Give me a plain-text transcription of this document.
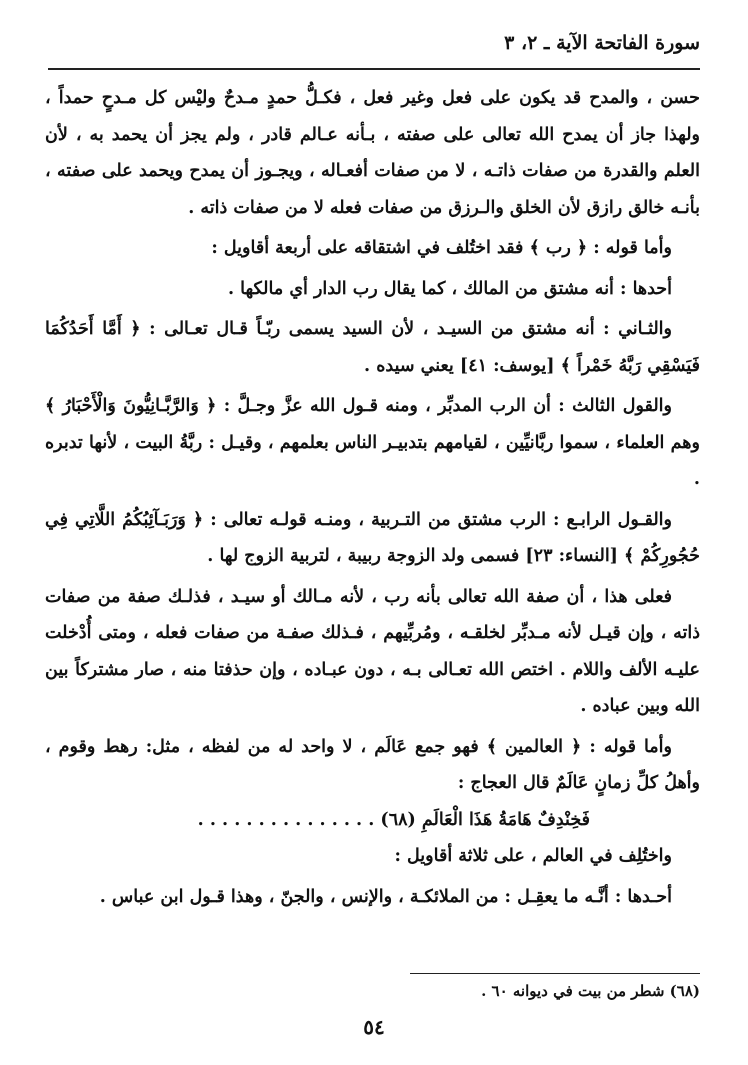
سورة الفاتحة الآية ـ ٢، ٣

حسن ، والمدح قد يكون على فعل وغير فعل ، فكـلُّ حمدٍ مـدحٌ وليْس كل مـدحٍ حمداً ، ولهذا جاز أن يمدح الله تعالى على صفته ، بـأنه عـالم قادر ، ولم يجز أن يحمد به ، لأن العلم والقدرة من صفات ذاتـه ، لا من صفات أفعـاله ، ويجـوز أن يمدح ويحمد على صفته ، بأنـه خالق رازق لأن الخلق والـرزق من صفات فعله لا من صفات ذاته .

وأما قوله : ﴿ رب ﴾ فقد اختُلف في اشتقاقه على أربعة أقاويل :

أحدها : أنه مشتق من المالك ، كما يقال رب الدار أي مالكها .

والثـاني : أنه مشتق من السيـد ، لأن السيد يسمى ربّـاً قـال تعـالى : ﴿ أَمَّا أَحَدُكُمَا فَيَسْقِي رَبَّهُ خَمْراً ﴾ [يوسف: ٤١] يعني سيده .

والقول الثالث : أن الرب المدبِّر ، ومنه قـول الله عزَّ وجـلَّ : ﴿ وَالرَّبَّـانِيُّونَ وَالْأَحْبَارُ ﴾ وهم العلماء ، سموا ربَّانيِّين ، لقيامهم بتدبيـر الناس بعلمهم ، وقيـل : ربَّةُ البيت ، لأنها تدبره .

والقـول الرابـع : الرب مشتق من التـربية ، ومنـه قولـه تعالى : ﴿ وَرَبَـآئِبُكُمُ اللَّاتِي فِي حُجُورِكُمْ ﴾ [النساء: ٢٣] فسمى ولد الزوجة ربيبة ، لتربية الزوج لها .

فعلى هذا ، أن صفة الله تعالى بأنه رب ، لأنه مـالك أو سيـد ، فذلـك صفة من صفات ذاته ، وإن قيـل لأنه مـدبِّر لخلقـه ، ومُربِّيهم ، فـذلك صفـة من صفات فعله ، ومتى أُدْخلت عليـه الألف واللام . اختص الله تعـالى بـه ، دون عبـاده ، وإن حذفتا منه ، صار مشتركاً بين الله وبين عباده .

وأما قوله : ﴿ العالمين ﴾ فهو جمع عَالَم ، لا واحد له من لفظه ، مثل: رهط وقوم ، وأهلُ كلِّ زمانٍ عَالَمٌ قال العجاج :

فَخِنْدِفٌ هَامَةُ هَذَا الْعَالَمِ (٦٨) . . . . . . . . . . . . . . .

واختُلِف في العالم ، على ثلاثة أقاويل :

أحـدها : أنَّـه ما يعقِـل : من الملائكـة ، والإنس ، والجنّ ، وهذا قـول ابن عباس .

(٦٨) شطر من بيت في ديوانه ٦٠ .
٥٤
